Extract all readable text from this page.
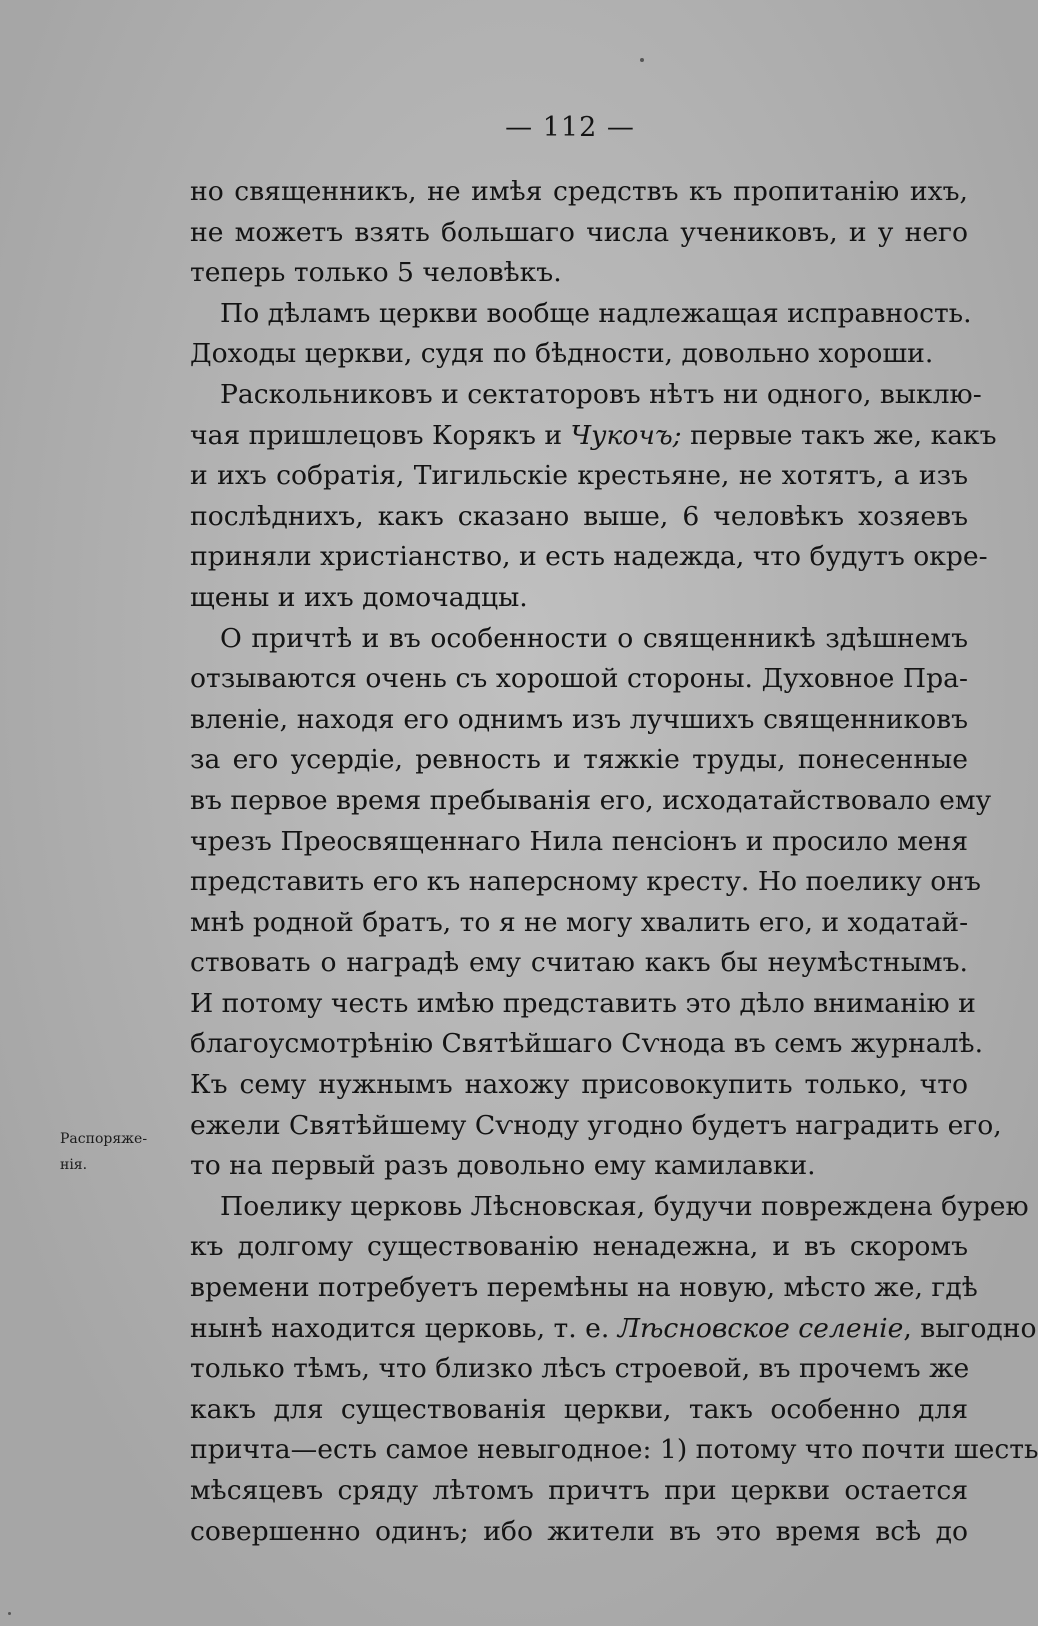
— 112 —
Распоряже-
нія.
но священникъ, не имѣя средствъ къ пропитанію ихъ,
не можетъ взять большаго числа учениковъ, и у него
теперь только 5 человѣкъ.
По дѣламъ церкви вообще надлежащая исправность.
Доходы церкви, судя по бѣдности, довольно хороши.
Раскольниковъ и сектаторовъ нѣтъ ни одного, выклю-
чая пришлецовъ Корякъ и Чукочъ; первые такъ же, какъ
и ихъ собратія, Тигильскіе крестьяне, не хотятъ, а изъ
послѣднихъ, какъ сказано выше, 6 человѣкъ хозяевъ
приняли христіанство, и есть надежда, что будутъ окре-
щены и ихъ домочадцы.
О причтѣ и въ особенности о священникѣ здѣшнемъ
отзываются очень съ хорошой стороны. Духовное Пра-
вленіе, находя его однимъ изъ лучшихъ священниковъ
за его усердіе, ревность и тяжкіе труды, понесенные
въ первое время пребыванія его, исходатайствовало ему
чрезъ Преосвященнаго Нила пенсіонъ и просило меня
представить его къ наперсному кресту. Но поелику онъ
мнѣ родной братъ, то я не могу хвалить его, и ходатай-
ствовать о наградѣ ему считаю какъ бы неумѣстнымъ.
И потому честь имѣю представить это дѣло вниманію и
благоусмотрѣнію Святѣйшаго Сѵнода въ семъ журналѣ.
Къ сему нужнымъ нахожу присовокупить только, что
ежели Святѣйшему Сѵноду угодно будетъ наградить его,
то на первый разъ довольно ему камилавки.
Поелику церковь Лѣсновская, будучи повреждена бурею
къ долгому существованію ненадежна, и въ скоромъ
времени потребуетъ перемѣны на новую, мѣсто же, гдѣ
нынѣ находится церковь, т. е. Лѣсновское селеніе, выгодно
только тѣмъ, что близко лѣсъ строевой, въ прочемъ же
какъ для существованія церкви, такъ особенно для
причта—есть самое невыгодное: 1) потому что почти шесть
мѣсяцевъ сряду лѣтомъ причтъ при церкви остается
совершенно одинъ; ибо жители въ это время всѣ до
